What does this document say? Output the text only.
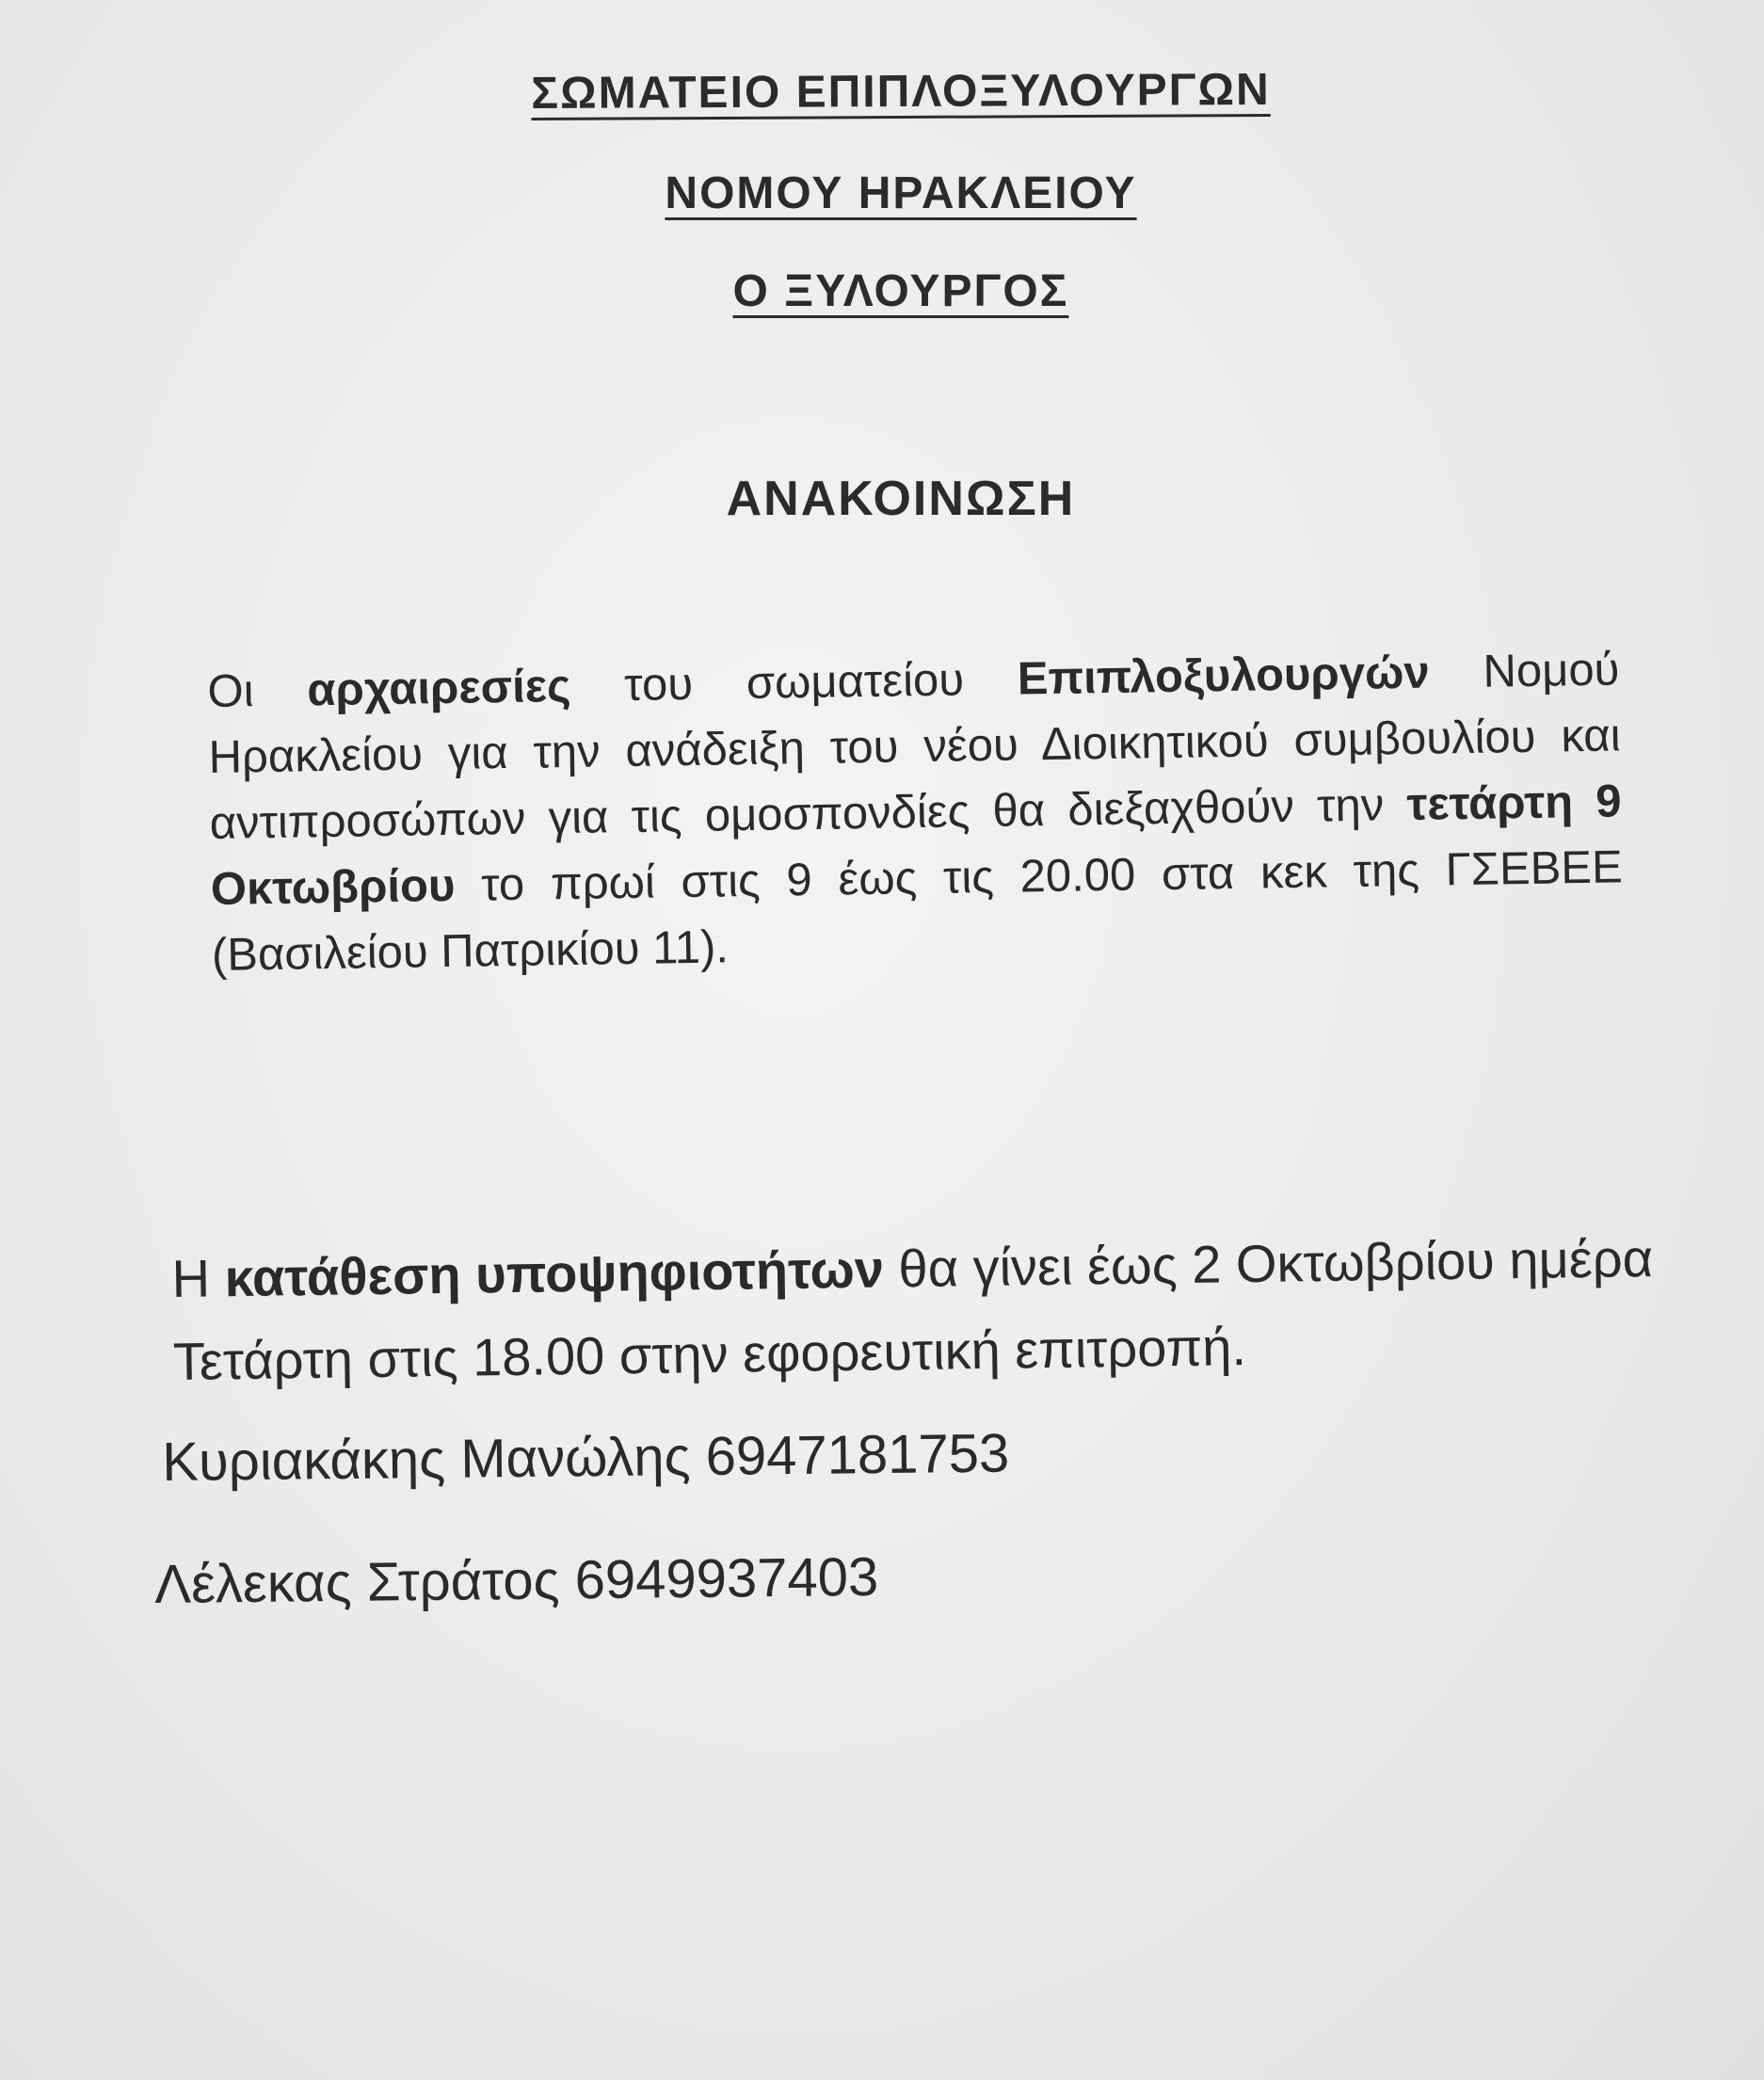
ΣΩΜΑΤΕΙΟ ΕΠΙΠΛΟΞΥΛΟΥΡΓΩΝ
ΝΟΜΟΥ ΗΡΑΚΛΕΙΟΥ
Ο ΞΥΛΟΥΡΓΟΣ
ΑΝΑΚΟΙΝΩΣΗ
Οι αρχαιρεσίες του σωματείου Επιπλοξυλουργών Νομού Ηρακλείου για την ανάδειξη του νέου Διοικητικού συμβουλίου και αντιπροσώπων για τις ομοσπονδίες θα διεξαχθούν την τετάρτη 9 Οκτωβρίου το πρωί στις 9 έως τις 20.00 στα κεκ της ΓΣΕΒΕΕ (Βασιλείου Πατρικίου 11).
Η κατάθεση υποψηφιοτήτων θα γίνει έως 2 Οκτωβρίου ημέρα Τετάρτη στις 18.00 στην εφορευτική επιτροπή.
Κυριακάκης Μανώλης 6947181753
Λέλεκας Στράτος 6949937403
